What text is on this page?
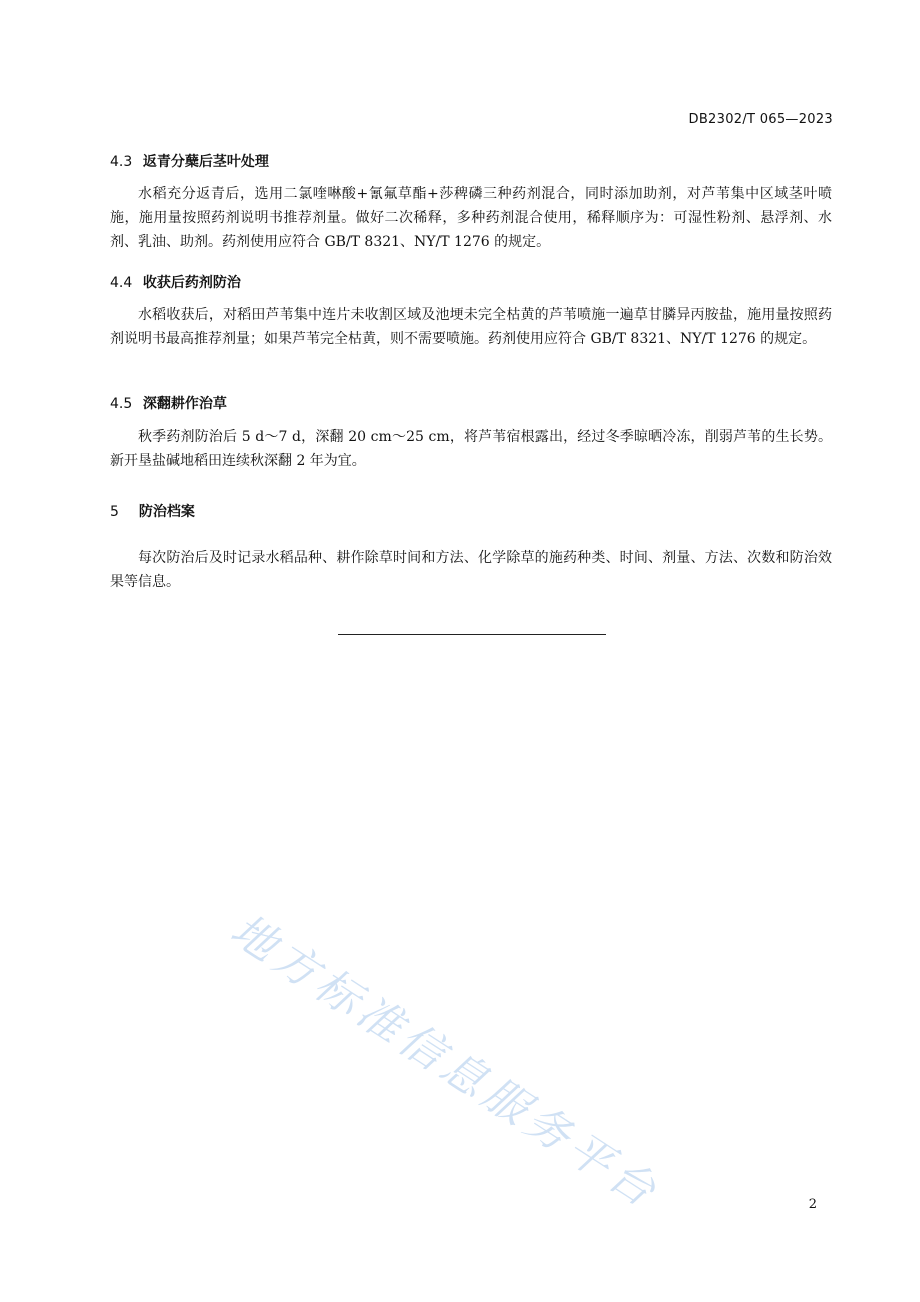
DB2302/T 065—2023
4.3 返青分蘖后茎叶处理

水稻充分返青后，选用二氯喹啉酸+氰氟草酯+莎稗磷三种药剂混合，同时添加助剂，对芦苇集中区域茎叶喷施，施用量按照药剂说明书推荐剂量。做好二次稀释，多种药剂混合使用，稀释顺序为：可湿性粉剂、悬浮剂、水剂、乳油、助剂。药剂使用应符合 GB/T 8321、NY/T 1276 的规定。

4.4 收获后药剂防治

水稻收获后，对稻田芦苇集中连片未收割区域及池埂未完全枯黄的芦苇喷施一遍草甘膦异丙胺盐，施用量按照药剂说明书最高推荐剂量；如果芦苇完全枯黄，则不需要喷施。药剂使用应符合 GB/T 8321、NY/T 1276 的规定。

4.5 深翻耕作治草

秋季药剂防治后 5 d～7 d，深翻 20 cm～25 cm，将芦苇宿根露出，经过冬季晾晒冷冻，削弱芦苇的生长势。新开垦盐碱地稻田连续秋深翻 2 年为宜。

5 防治档案

每次防治后及时记录水稻品种、耕作除草时间和方法、化学除草的施药种类、时间、剂量、方法、次数和防治效果等信息。

地方标准信息服务平台	2
